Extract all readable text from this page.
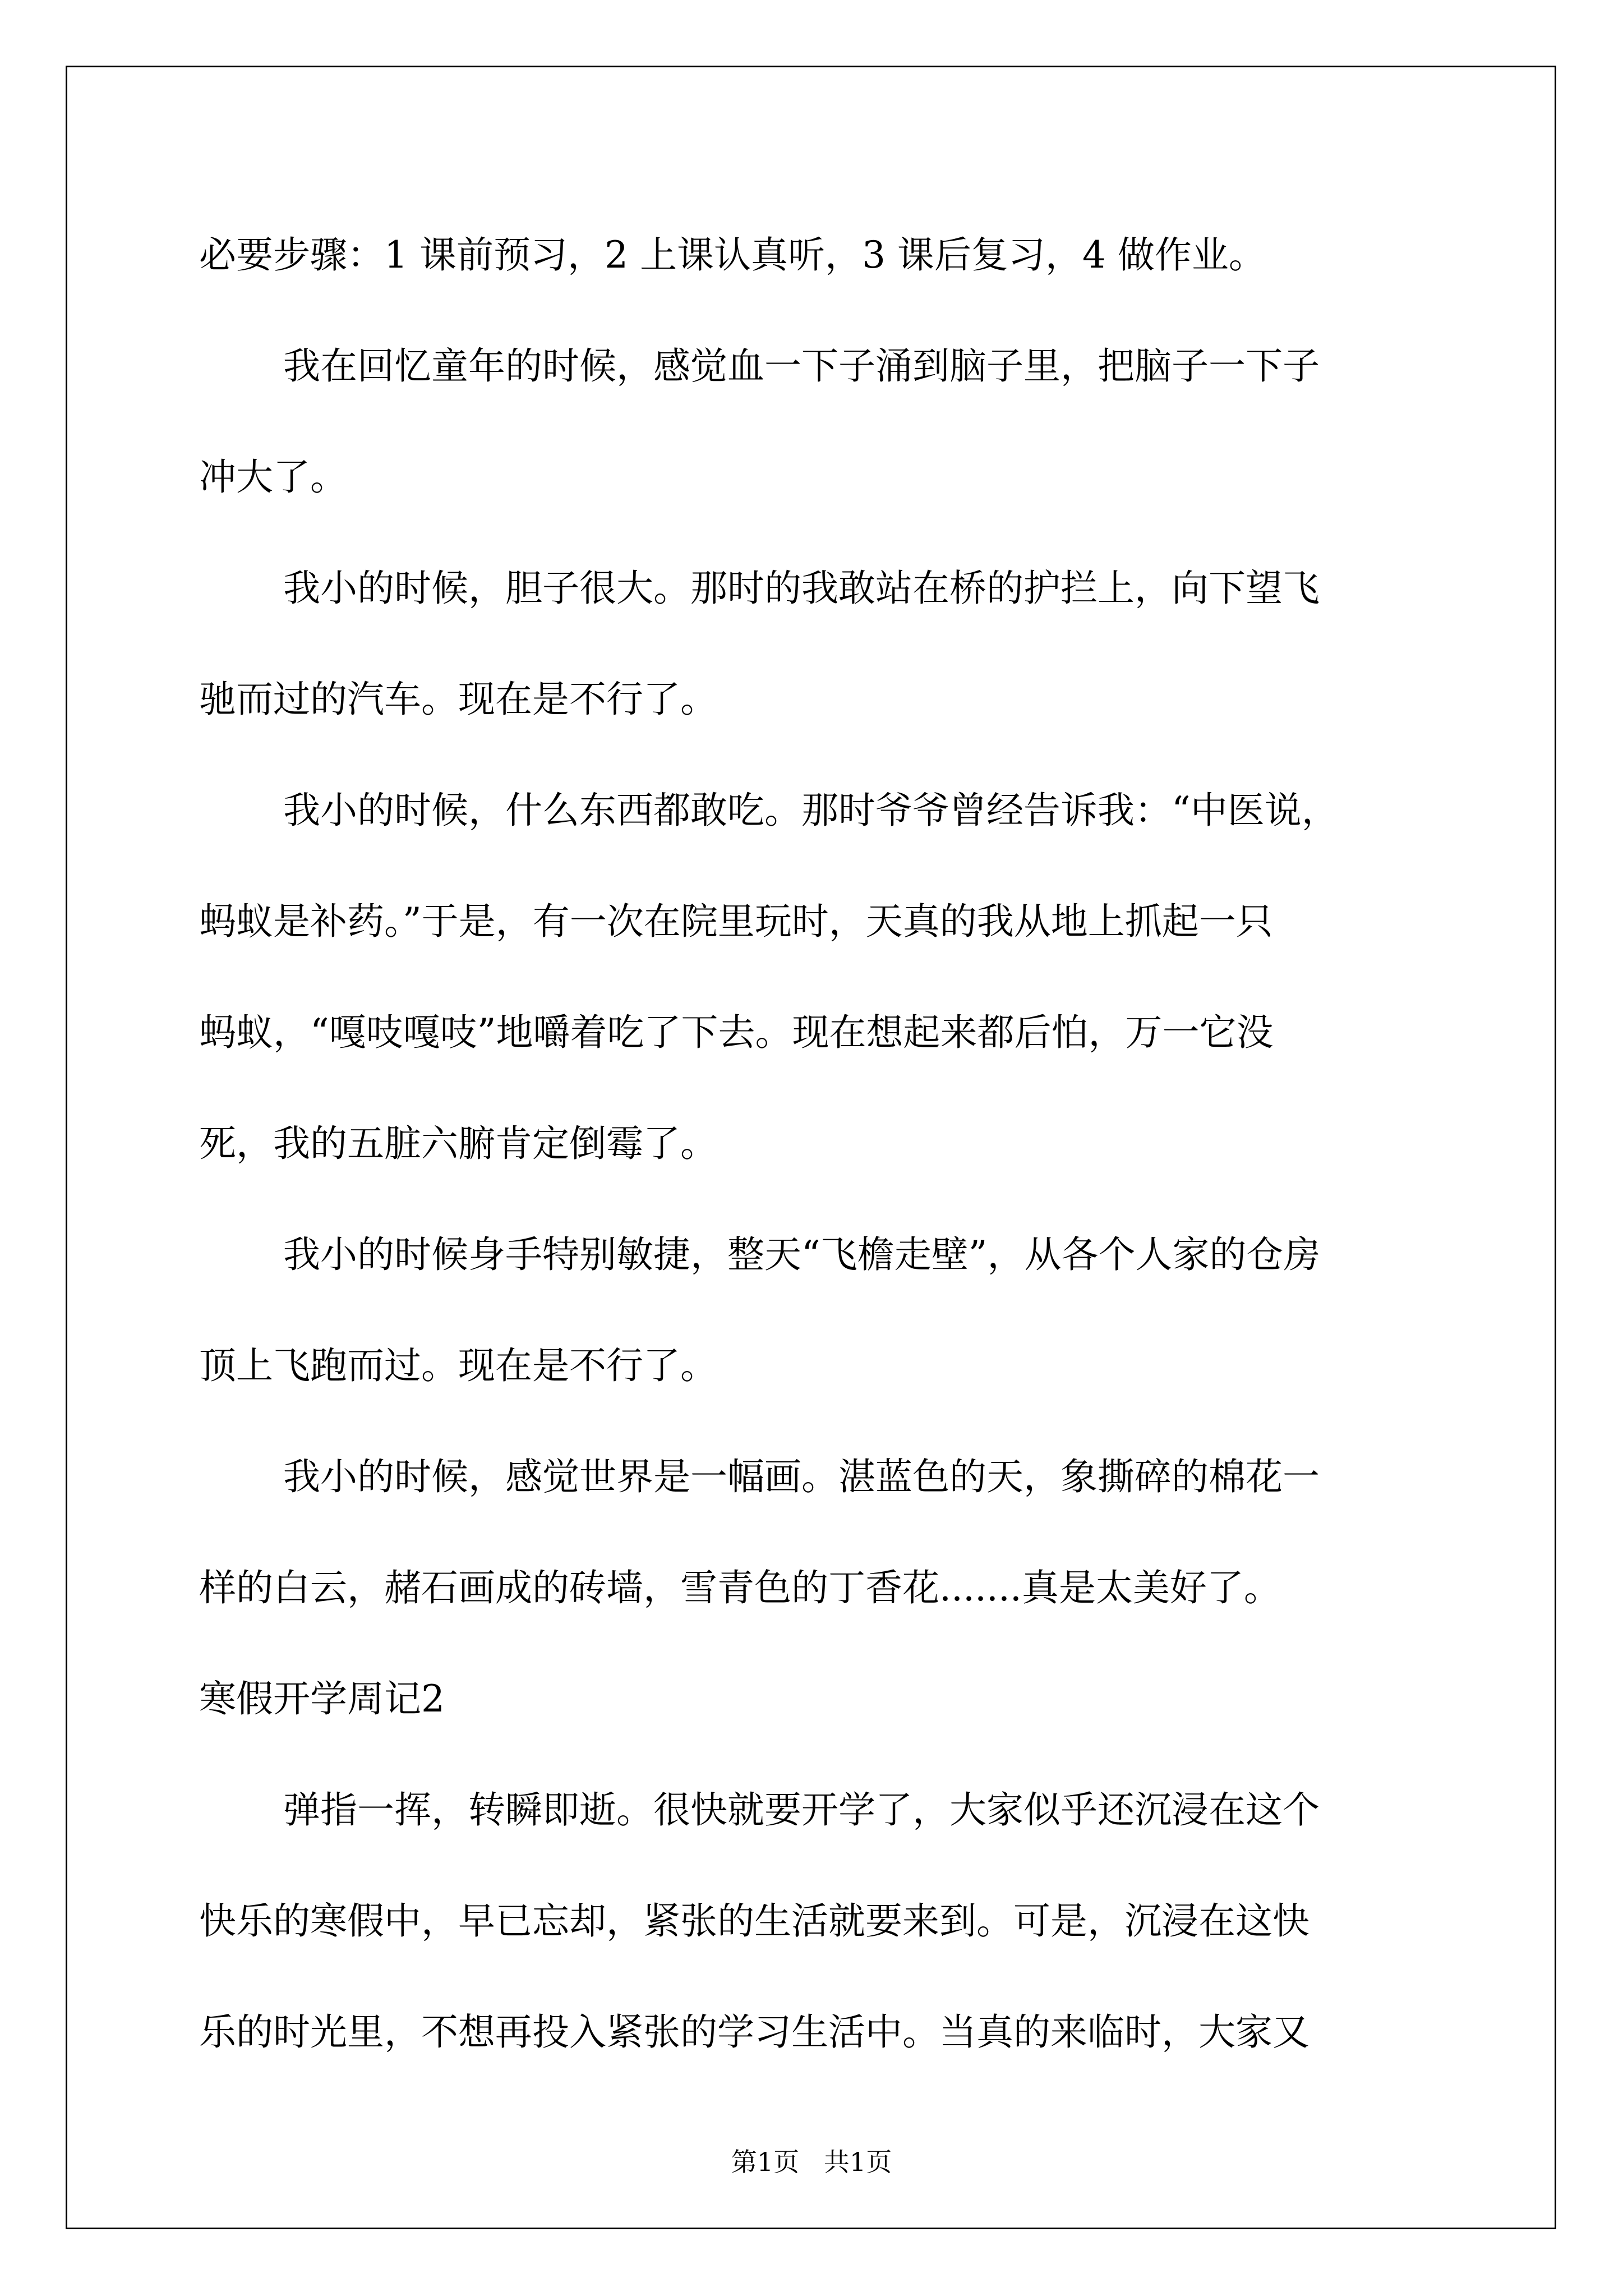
必要步骤：1 课前预习，2 上课认真听，3 课后复习，4 做作业。
我在回忆童年的时候，感觉血一下子涌到脑子里，把脑子一下子
冲大了。
我小的时候，胆子很大。那时的我敢站在桥的护拦上，向下望飞
驰而过的汽车。现在是不行了。
我小的时候，什么东西都敢吃。那时爷爷曾经告诉我：“中医说，
蚂蚁是补药。”于是，有一次在院里玩时，天真的我从地上抓起一只
蚂蚁，“嘎吱嘎吱”地嚼着吃了下去。现在想起来都后怕，万一它没
死，我的五脏六腑肯定倒霉了。
我小的时候身手特别敏捷，整天“飞檐走壁”，从各个人家的仓房
顶上飞跑而过。现在是不行了。
我小的时候，感觉世界是一幅画。湛蓝色的天，象撕碎的棉花一
样的白云，赭石画成的砖墙，雪青色的丁香花.......真是太美好了。
寒假开学周记2
弹指一挥，转瞬即逝。很快就要开学了，大家似乎还沉浸在这个
快乐的寒假中，早已忘却，紧张的生活就要来到。可是，沉浸在这快
乐的时光里，不想再投入紧张的学习生活中。当真的来临时，大家又
第1页   共1页
